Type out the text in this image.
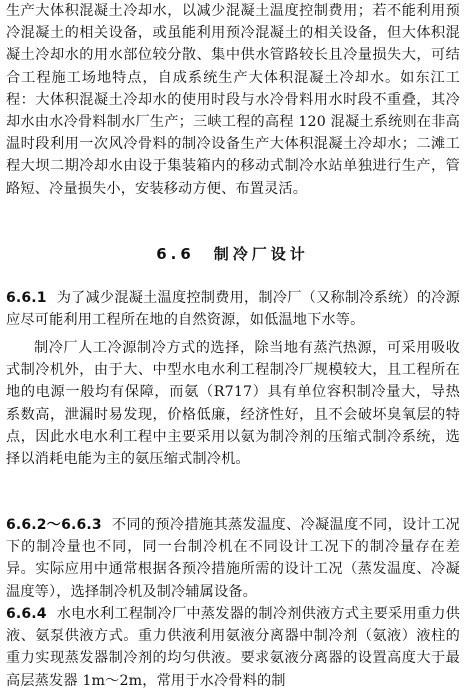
生产大体积混凝土冷却水，以减少混凝土温度控制费用；若不能利用预冷混凝土的相关设备，或虽能利用预冷混凝土的相关设备，但大体积混凝土冷却水的用水部位较分散、集中供水管路较长且冷量损失大，可结合工程施工场地特点，自成系统生产大体积混凝土冷却水。如东江工程：大体积混凝土冷却水的使用时段与水冷骨料用水时段不重叠，其冷却水由水冷骨料制水厂生产；三峡工程的高程 120 混凝土系统则在非高温时段利用一次风冷骨料的制冷设备生产大体积混凝土冷却水；二滩工程大坝二期冷却水由设于集装箱内的移动式制冷水站单独进行生产，管路短、冷量损失小，安装移动方便、布置灵活。

6.6　制冷厂设计

6.6.1 为了减少混凝土温度控制费用，制冷厂（又称制冷系统）的冷源应尽可能利用工程所在地的自然资源，如低温地下水等。

制冷厂人工冷源制冷方式的选择，除当地有蒸汽热源，可采用吸收式制冷机外，由于大、中型水电水利工程制冷厂规模较大，且工程所在地的电源一般均有保障，而氨（R717）具有单位容积制冷量大，导热系数高，泄漏时易发现，价格低廉，经济性好，且不会破坏臭氧层的特点，因此水电水利工程中主要采用以氨为制冷剂的压缩式制冷系统，选择以消耗电能为主的氨压缩式制冷机。

6.6.2～6.6.3 不同的预冷措施其蒸发温度、冷凝温度不同，设计工况下的制冷量也不同，同一台制冷机在不同设计工况下的制冷量存在差异。实际应用中通常根据各预冷措施所需的设计工况（蒸发温度、冷凝温度等），选择制冷机及制冷辅属设备。

6.6.4 水电水利工程制冷厂中蒸发器的制冷剂供液方式主要采用重力供液、氨泵供液方式。重力供液利用氨液分离器中制冷剂（氨液）液柱的重力实现蒸发器制冷剂的均匀供液。要求氨液分离器的设置高度大于最高层蒸发器 1m～2m，常用于水冷骨料的制
